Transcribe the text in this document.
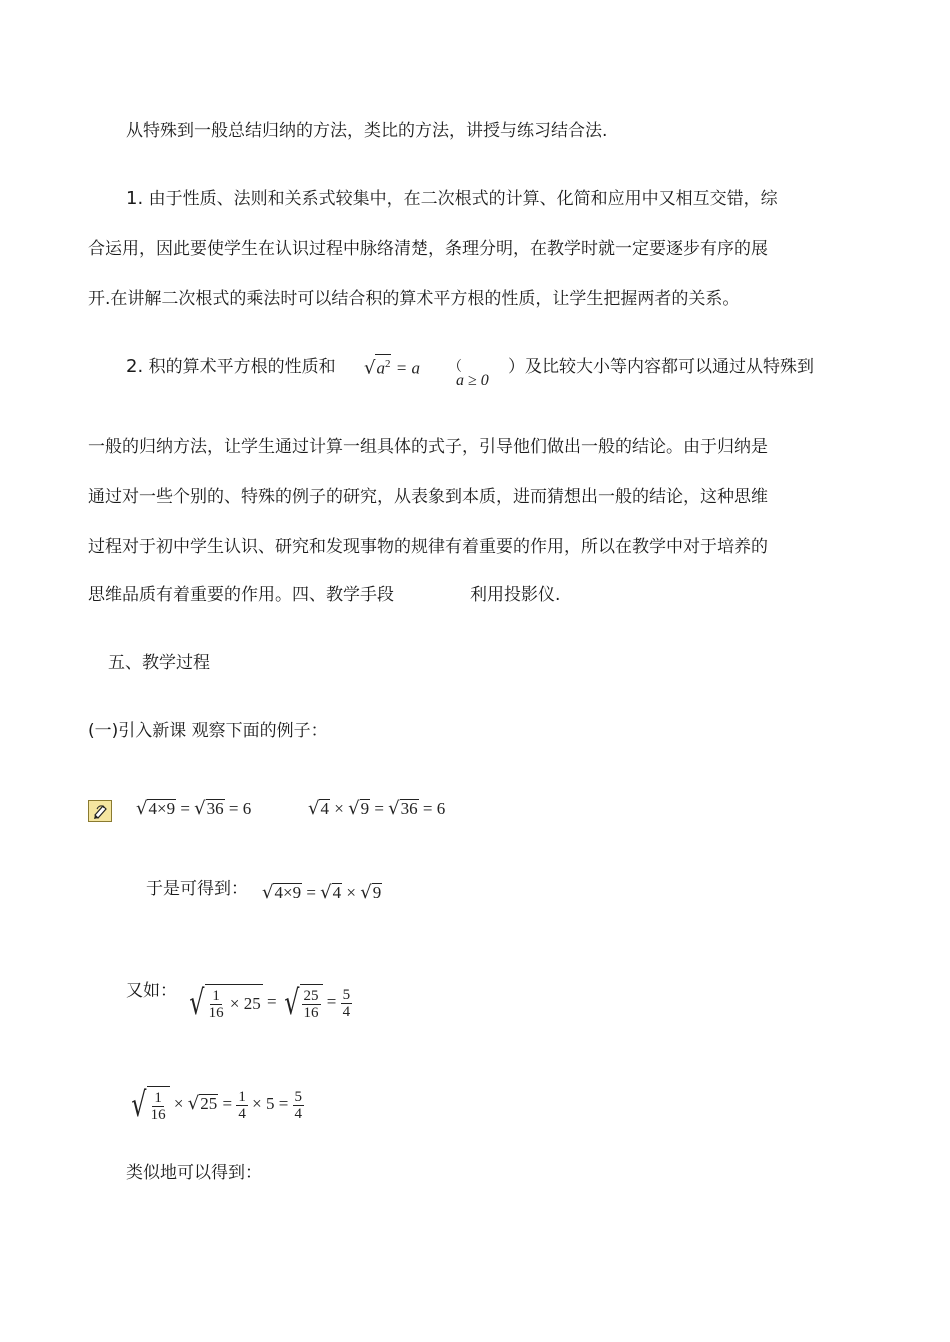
从特殊到一般总结归纳的方法，类比的方法，讲授与练习结合法.
1. 由于性质、法则和关系式较集中，在二次根式的计算、化简和应用中又相互交错，综
合运用，因此要使学生在认识过程中脉络清楚，条理分明，在教学时就一定要逐步有序的展
开.在讲解二次根式的乘法时可以结合积的算术平方根的性质，让学生把握两者的关系。
2. 积的算术平方根的性质和 $√a^2 = a$ （
a ≥ 0
）及比较大小等内容都可以通过从特殊到
一般的归纳方法，让学生通过计算一组具体的式子，引导他们做出一般的结论。由于归纳是
通过对一些个别的、特殊的例子的研究，从表象到本质，进而猜想出一般的结论，这种思维
过程对于初中学生认识、研究和发现事物的规律有着重要的作用，所以在教学中对于培养的
思维品质有着重要的作用。四、教学手段	利用投影仪.
五、教学过程
(一)引入新课 观察下面的例子：
√4×9 = √36 = 6	√4 × √9 = √36 = 6
于是可得到： √4×9 = √4 × √9
又如： √ $\frac{1}{16} \times 25$ = √ $\frac{25}{16} = \frac{5}{4}$
√ $\frac{1}{16} \times √25 = \frac{1}{4} \times 5 = \frac{5}{4}$
类似地可以得到：
